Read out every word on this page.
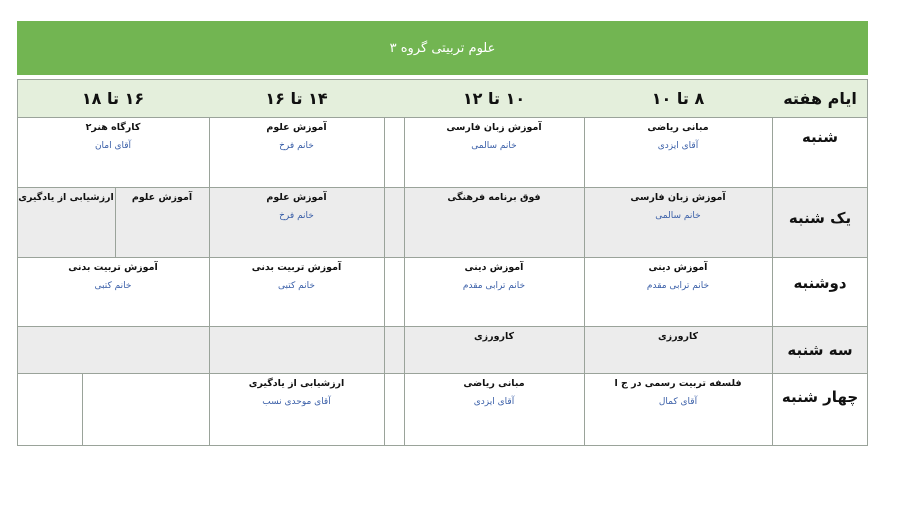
علوم تربیتی گروه ۳
ایام هفته
۸ تا ۱۰
۱۰ تا ۱۲
۱۴ تا ۱۶
۱۶ تا ۱۸
شنبه
یک شنبه
دوشنبه
سه شنبه
چهار شنبه
مبانی ریاضی
آقای ایزدی
آموزش زبان فارسی
خانم سالمی
آموزش علوم
خانم فرخ
کارگاه هنر۲
آقای امان
آموزش زبان فارسی
خانم سالمی
فوق برنامه فرهنگی
آموزش علوم
خانم فرخ
آموزش علوم
ارزشیابی از یادگیری
آموزش دینی
خانم ترابی مقدم
آموزش دینی
خانم ترابی مقدم
آموزش تربیت بدنی
خانم کتبی
آموزش تربیت بدنی
خانم کتبی
کارورزی
کارورزی
فلسفه تربیت رسمی در ج ا
آقای کمال
مبانی ریاضی
آقای ایزدی
ارزشیابی از یادگیری
آقای موحدی نسب
